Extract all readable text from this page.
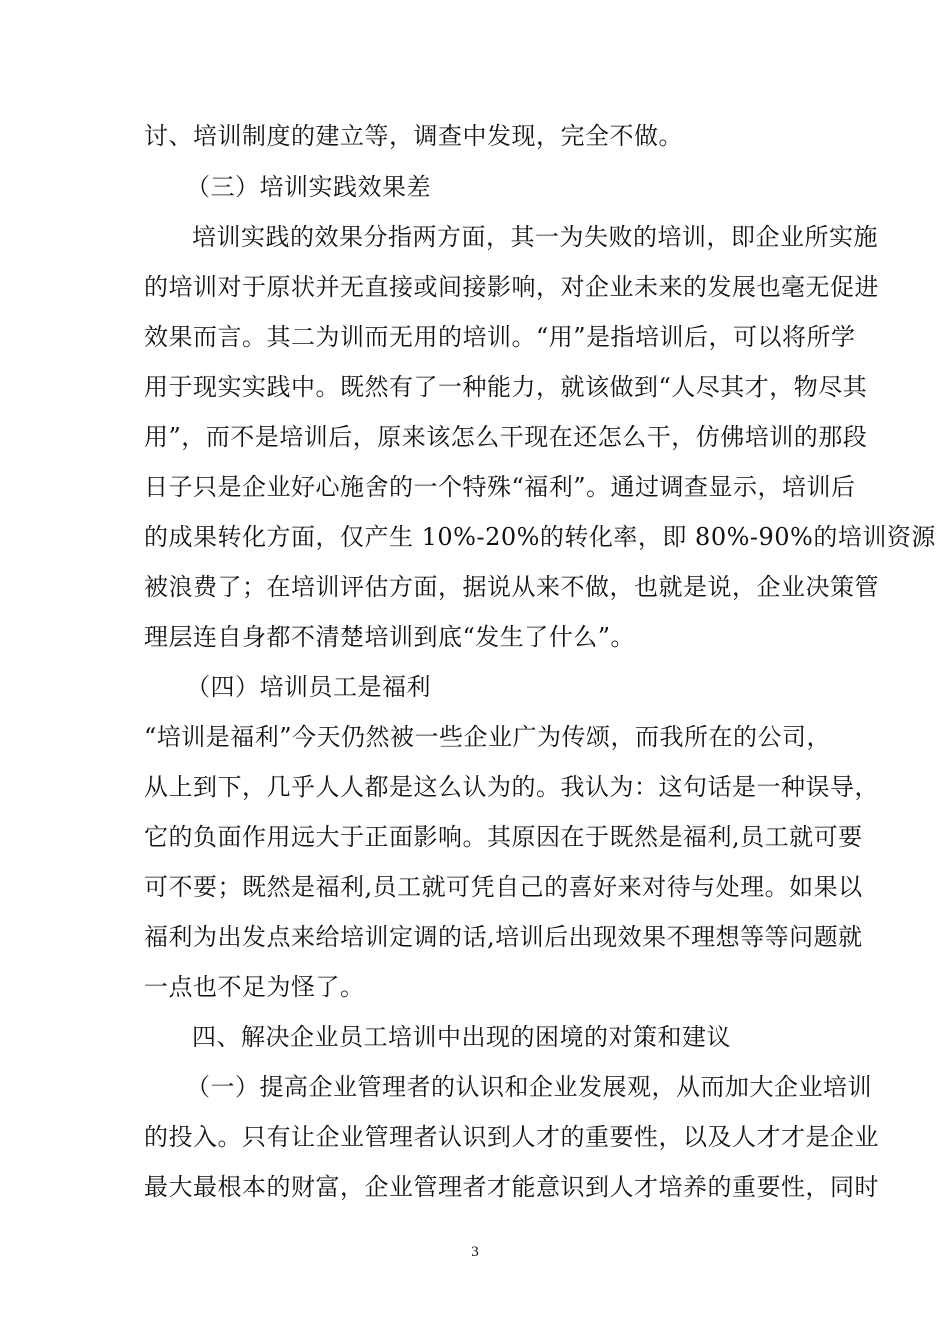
讨、培训制度的建立等，调查中发现，完全不做。
（三）培训实践效果差
培训实践的效果分指两方面，其一为失败的培训，即企业所实施
的培训对于原状并无直接或间接影响，对企业未来的发展也毫无促进
效果而言。其二为训而无用的培训。“用”是指培训后，可以将所学
用于现实实践中。既然有了一种能力，就该做到“人尽其才，物尽其
用”，而不是培训后，原来该怎么干现在还怎么干，仿佛培训的那段
日子只是企业好心施舍的一个特殊“福利”。通过调查显示，培训后
的成果转化方面，仅产生 10%-20%的转化率，即 80%-90%的培训资源
被浪费了；在培训评估方面，据说从来不做，也就是说，企业决策管
理层连自身都不清楚培训到底“发生了什么”。
（四）培训员工是福利
“培训是福利”今天仍然被一些企业广为传颂，而我所在的公司，
从上到下，几乎人人都是这么认为的。我认为：这句话是一种误导，
它的负面作用远大于正面影响。其原因在于既然是福利,员工就可要
可不要；既然是福利,员工就可凭自己的喜好来对待与处理。如果以
福利为出发点来给培训定调的话,培训后出现效果不理想等等问题就
一点也不足为怪了。
四、解决企业员工培训中出现的困境的对策和建议
（一）提高企业管理者的认识和企业发展观，从而加大企业培训
的投入。只有让企业管理者认识到人才的重要性，以及人才才是企业
最大最根本的财富，企业管理者才能意识到人才培养的重要性，同时
3
